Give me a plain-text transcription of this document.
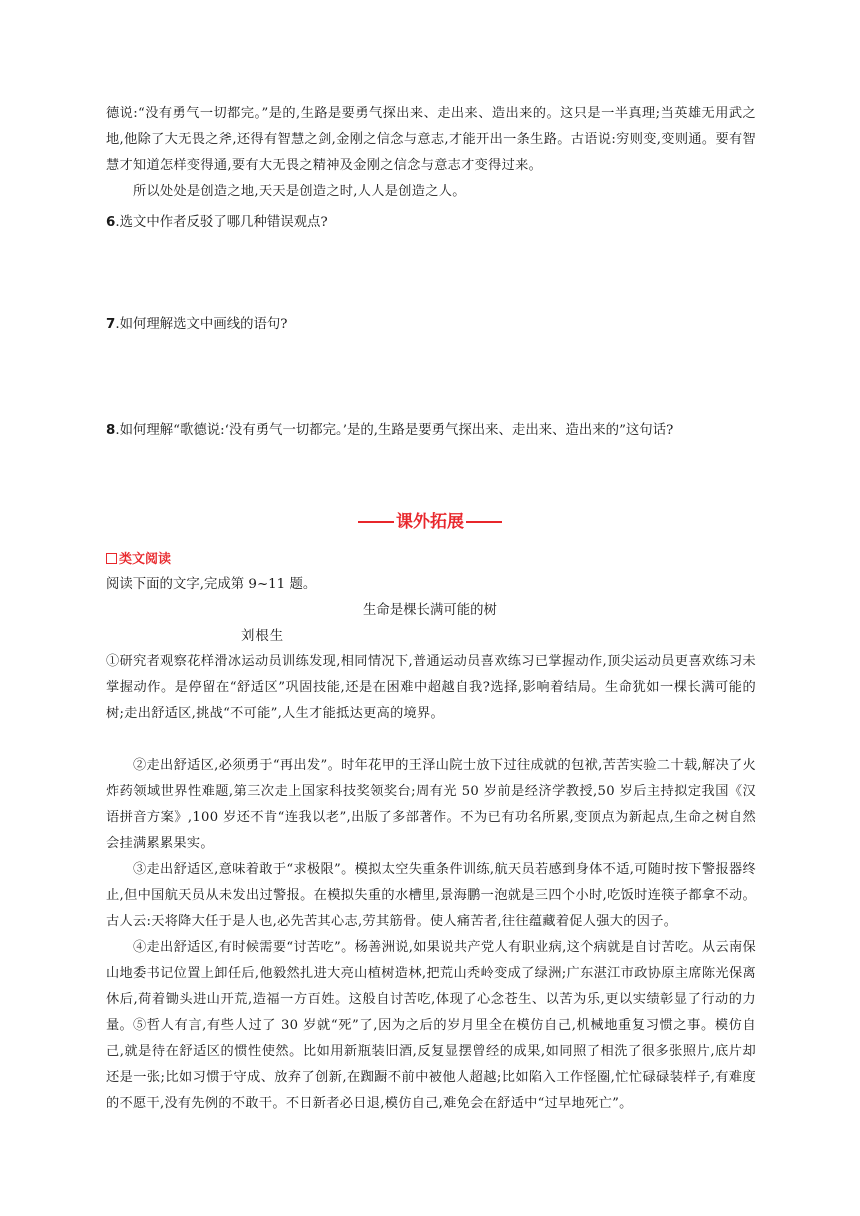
德说:“没有勇气一切都完。”是的,生路是要勇气探出来、走出来、造出来的。这只是一半真理;当英雄无用武之地,他除了大无畏之斧,还得有智慧之剑,金刚之信念与意志,才能开出一条生路。古语说:穷则变,变则通。要有智慧才知道怎样变得通,要有大无畏之精神及金刚之信念与意志才变得过来。

所以处处是创造之地,天天是创造之时,人人是创造之人。

6.选文中作者反驳了哪几种错误观点?
7.如何理解选文中画线的语句?
8.如何理解“歌德说:‘没有勇气一切都完。’是的,生路是要勇气探出来、走出来、造出来的”这句话?
课外拓展
类文阅读
阅读下面的文字,完成第 9~11 题。
生命是棵长满可能的树
刘根生

①研究者观察花样滑冰运动员训练发现,相同情况下,普通运动员喜欢练习已掌握动作,顶尖运动员更喜欢练习未掌握动作。是停留在“舒适区”巩固技能,还是在困难中超越自我?选择,影响着结局。生命犹如一棵长满可能的树;走出舒适区,挑战“不可能”,人生才能抵达更高的境界。

②走出舒适区,必须勇于“再出发”。时年花甲的王泽山院士放下过往成就的包袱,苦苦实验二十载,解决了火炸药领域世界性难题,第三次走上国家科技奖领奖台;周有光 50 岁前是经济学教授,50 岁后主持拟定我国《汉语拼音方案》,100 岁还不肯“连我以老”,出版了多部著作。不为已有功名所累,变顶点为新起点,生命之树自然会挂满累累果实。

③走出舒适区,意味着敢于“求极限”。模拟太空失重条件训练,航天员若感到身体不适,可随时按下警报器终止,但中国航天员从未发出过警报。在模拟失重的水槽里,景海鹏一泡就是三四个小时,吃饭时连筷子都拿不动。古人云:天将降大任于是人也,必先苦其心志,劳其筋骨。使人痛苦者,往往蕴藏着促人强大的因子。

④走出舒适区,有时候需要“讨苦吃”。杨善洲说,如果说共产党人有职业病,这个病就是自讨苦吃。从云南保山地委书记位置上卸任后,他毅然扎进大亮山植树造林,把荒山秃岭变成了绿洲;广东湛江市政协原主席陈光保离休后,荷着锄头进山开荒,造福一方百姓。这般自讨苦吃,体现了心念苍生、以苦为乐,更以实绩彰显了行动的力量。 ⑤哲人有言,有些人过了 30 岁就“死”了,因为之后的岁月里全在模仿自己,机械地重复习惯之事。模仿自己,就是待在舒适区的惯性使然。比如用新瓶装旧酒,反复显摆曾经的成果,如同照了相洗了很多张照片,底片却还是一张;比如习惯于守成、放弃了创新,在踟蹰不前中被他人超越;比如陷入工作怪圈,忙忙碌碌装样子,有难度的不愿干,没有先例的不敢干。不日新者必日退,模仿自己,难免会在舒适中“过早地死亡”。
